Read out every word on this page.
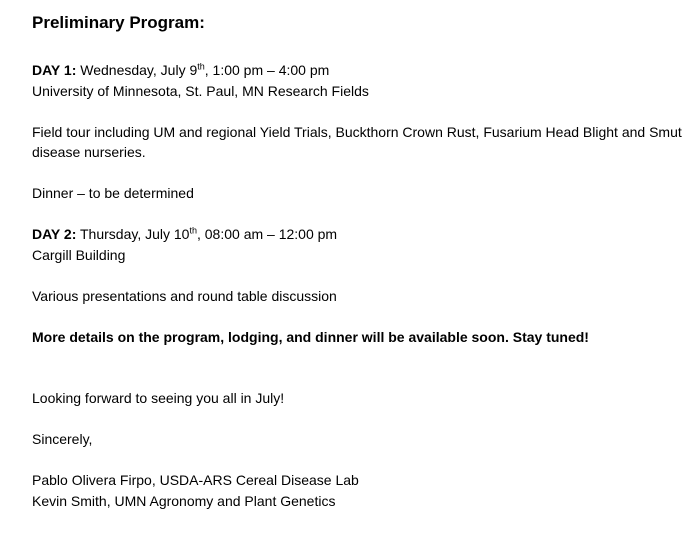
Preliminary Program:
DAY 1: Wednesday, July 9th, 1:00 pm – 4:00 pm
University of Minnesota, St. Paul, MN Research Fields
Field tour including UM and regional Yield Trials, Buckthorn Crown Rust, Fusarium Head Blight and Smut disease nurseries.
Dinner – to be determined
DAY 2: Thursday, July 10th, 08:00 am – 12:00 pm
Cargill Building
Various presentations and round table discussion
More details on the program, lodging, and dinner will be available soon. Stay tuned!
Looking forward to seeing you all in July!
Sincerely,
Pablo Olivera Firpo, USDA-ARS Cereal Disease Lab
Kevin Smith, UMN Agronomy and Plant Genetics
